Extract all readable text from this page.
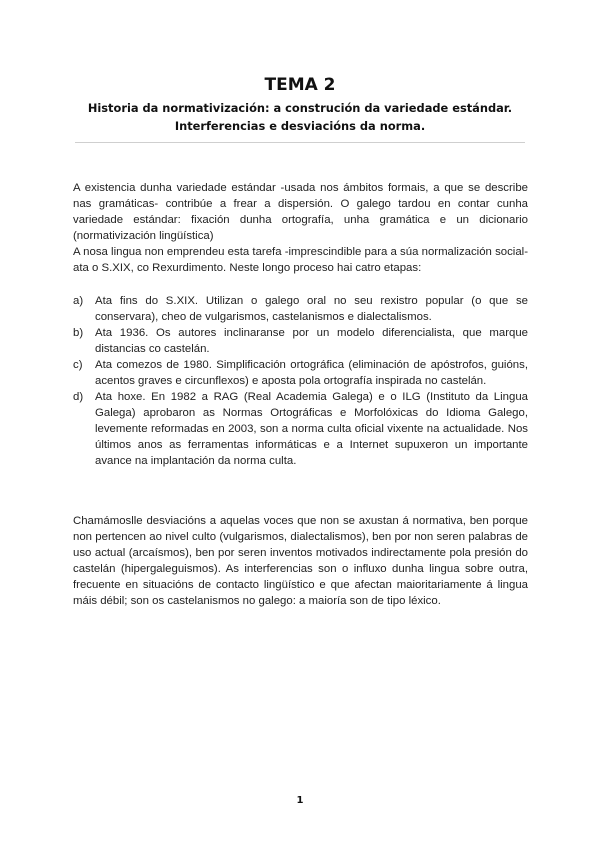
TEMA 2
Historia da normativización: a construción da variedade estándar.
Interferencias e desviacións da norma.

A existencia dunha variedade estándar -usada nos ámbitos formais, a que se describe nas gramáticas- contribúe a frear a dispersión. O galego tardou en contar cunha variedade estándar: fixación dunha ortografía, unha gramática e un dicionario (normativización lingüística)

A nosa lingua non emprendeu esta tarefa -imprescindible para a súa normalización social- ata o S.XIX, co Rexurdimento. Neste longo proceso hai catro etapas:

a)	Ata fins do S.XIX. Utilizan o galego oral no seu rexistro popular (o que se conservara), cheo de vulgarismos, castelanismos e dialectalismos.
b)	Ata 1936. Os autores inclinaranse por un modelo diferencialista, que marque distancias co castelán.
c)	Ata comezos de 1980. Simplificación ortográfica (eliminación de apóstrofos, guións, acentos graves e circunflexos) e aposta pola ortografía inspirada no castelán.
d)	Ata hoxe. En 1982 a RAG (Real Academia Galega) e o ILG (Instituto da Lingua Galega) aprobaron as Normas Ortográficas e Morfolóxicas do Idioma Galego, levemente reformadas en 2003, son a norma culta oficial vixente na actualidade. Nos últimos anos as ferramentas informáticas e a Internet supuxeron un importante avance na implantación da norma culta.

Chamámoslle desviacións a aquelas voces que non se axustan á normativa, ben porque non pertencen ao nivel culto (vulgarismos, dialectalismos), ben por non seren palabras de uso actual (arcaísmos), ben por seren inventos motivados indirectamente pola presión do castelán (hipergaleguismos). As interferencias son o influxo dunha lingua sobre outra, frecuente en situacións de contacto lingüístico e que afectan maioritariamente á lingua máis débil; son os castelanismos no galego: a maioría son de tipo léxico.

1
